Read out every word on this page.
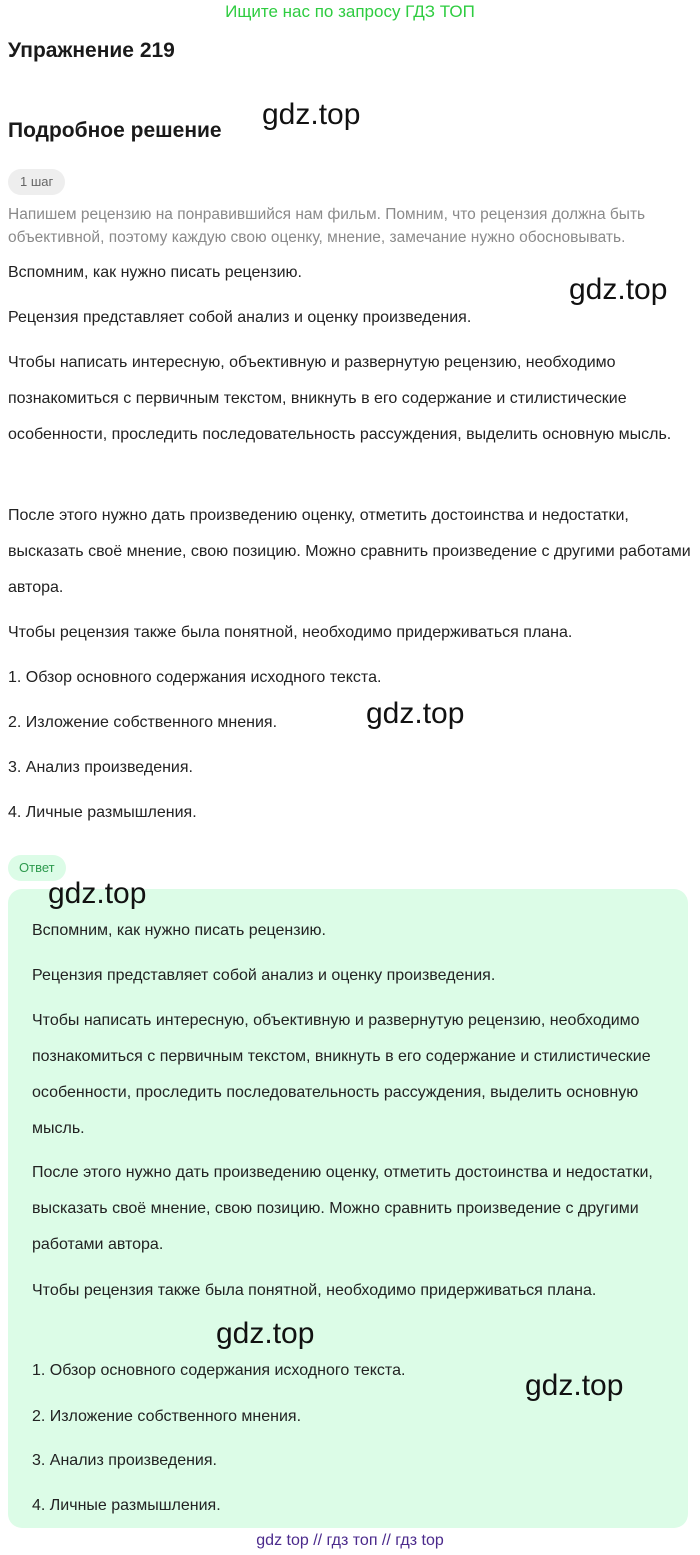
Ищите нас по запросу ГДЗ ТОП
Упражнение 219
Подробное решение gdz.top
1 шаг

Напишем рецензию на понравившийся нам фильм. Помним, что рецензия должна быть объективной, поэтому каждую свою оценку, мнение, замечание нужно обосновывать.

Вспомним, как нужно писать рецензию.

gdz.top

Рецензия представляет собой анализ и оценку произведения.

Чтобы написать интересную, объективную и развернутую рецензию, необходимо познакомиться с первичным текстом, вникнуть в его содержание и стилистические особенности, проследить последовательность рассуждения, выделить основную мысль.

После этого нужно дать произведению оценку, отметить достоинства и недостатки, высказать своё мнение, свою позицию. Можно сравнить произведение с другими работами автора.

Чтобы рецензия также была понятной, необходимо придерживаться плана.

1. Обзор основного содержания исходного текста.

2. Изложение собственного мнения.	gdz.top

3. Анализ произведения.

4. Личные размышления.

Ответ
gdz.top

Вспомним, как нужно писать рецензию.

Рецензия представляет собой анализ и оценку произведения.

Чтобы написать интересную, объективную и развернутую рецензию, необходимо познакомиться с первичным текстом, вникнуть в его содержание и стилистические особенности, проследить последовательность рассуждения, выделить основную мысль.

После этого нужно дать произведению оценку, отметить достоинства и недостатки, высказать своё мнение, свою позицию. Можно сравнить произведение с другими работами автора.

Чтобы рецензия также была понятной, необходимо придерживаться плана.

gdz.top

1. Обзор основного содержания исходного текста.	gdz.top

2. Изложение собственного мнения.

3. Анализ произведения.

4. Личные размышления.

gdz top // гдз топ // гдз top
